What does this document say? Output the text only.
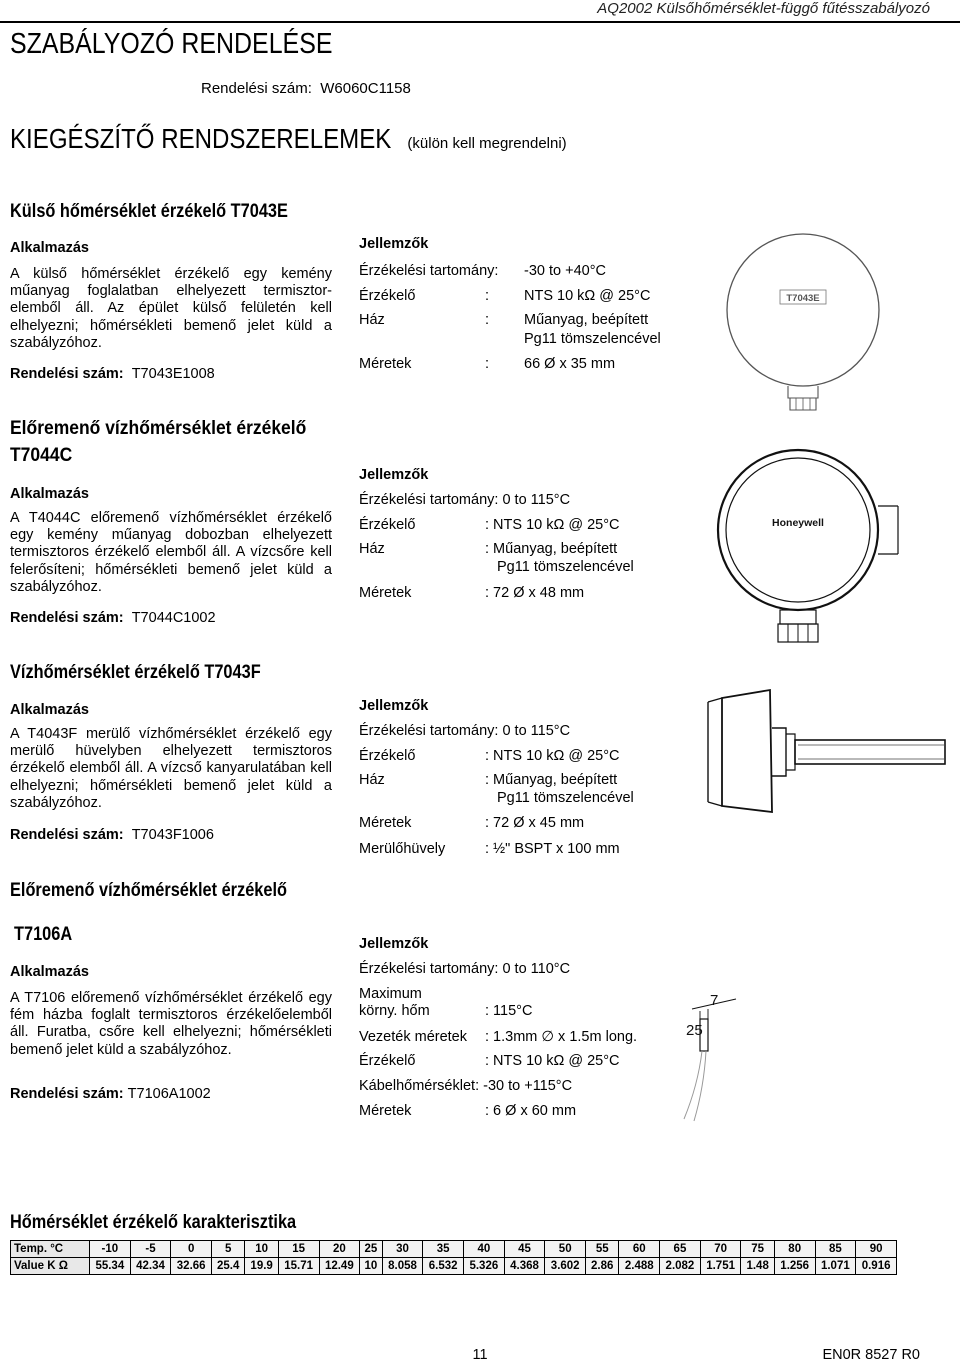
AQ2002 Külsőhőmérséklet-függő fűtésszabályozó
SZABÁLYOZÓ RENDELÉSE
Rendelési szám: W6060C1158
KIEGÉSZÍTŐ RENDSZERELEMEK (külön kell megrendelni)
Külső hőmérséklet érzékelő T7043E
Alkalmazás
A külső hőmérséklet érzékelő egy kemény műanyag foglalatban elhelyezett termisztor-elemből áll. Az épület külső felületén kell elhelyezni; hőmérsékleti bemenő jelet küld a szabályzóhoz.
Rendelési szám: T7043E1008
Jellemzők
Érzékelési tartomány: -30 to +40°C
Érzékelő	: NTS 10 kΩ @ 25°C
Ház	: Műanyag, beépített
Pg11 tömszelencével
Méretek	: 66 Ø x 35 mm
T7043E
Előremenő vízhőmérséklet érzékelő
T7044C
Alkalmazás
A T4044C előremenő vízhőmérséklet érzékelő egy kemény műanyag dobozban elhelyezett termisztoros érzékelő elemből áll. A vízcsőre kell felerősíteni; hőmérsékleti bemenő jelet küld a szabályzóhoz.
Rendelési szám: T7044C1002
Jellemzők
Érzékelési tartomány: 0 to 115°C
Érzékelő	: NTS 10 kΩ @ 25°C
Ház	: Műanyag, beépített
Pg11 tömszelencével
Méretek	: 72 Ø x 48 mm
Honeywell
Vízhőmérséklet érzékelő T7043F
Alkalmazás
A T4043F merülő vízhőmérséklet érzékelő egy merülő hüvelyben elhelyezett termisztoros érzékelő elemből áll. A vízcső kanyarulatában kell elhelyezni; hőmérsékleti bemenő jelet küld a szabályzóhoz.
Rendelési szám: T7043F1006
Jellemzők
Érzékelési tartomány: 0 to 115°C
Érzékelő	: NTS 10 kΩ @ 25°C
Ház	: Műanyag, beépített
Pg11 tömszelencével
Méretek	: 72 Ø x 45 mm
Merülőhüvely	: ½" BSPT x 100 mm
Előremenő vízhőmérséklet érzékelő
T7106A
Alkalmazás
A T7106 előremenő vízhőmérséklet érzékelő egy fém házba foglalt termisztoros érzékelőelemből áll. Furatba, csőre kell elhelyezni; hőmérsékleti bemenő jelet küld a szabályzóhoz.
Rendelési szám: T7106A1002
Jellemzők
Érzékelési tartomány: 0 to 110°C
Maximum
körny. hőm	: 115°C
Vezeték méretek : 1.3mm ∅ x 1.5m long.
Érzékelő	: NTS 10 kΩ @ 25°C
Kábelhőmérséklet: -30 to +115°C
Méretek	: 6 Ø x 60 mm
7
25
Hőmérséklet érzékelő karakterisztika
Temp. °C	-10	-5	0	5	10	15	20	25	30	35	40	45	50	55	60	65	70	75	80	85	90
Value K Ω	55.34	42.34	32.66	25.4	19.9	15.71	12.49	10	8.058	6.532	5.326	4.368	3.602	2.86	2.488	2.082	1.751	1.48	1.256	1.071	0.916
11	EN0R 8527 R0
